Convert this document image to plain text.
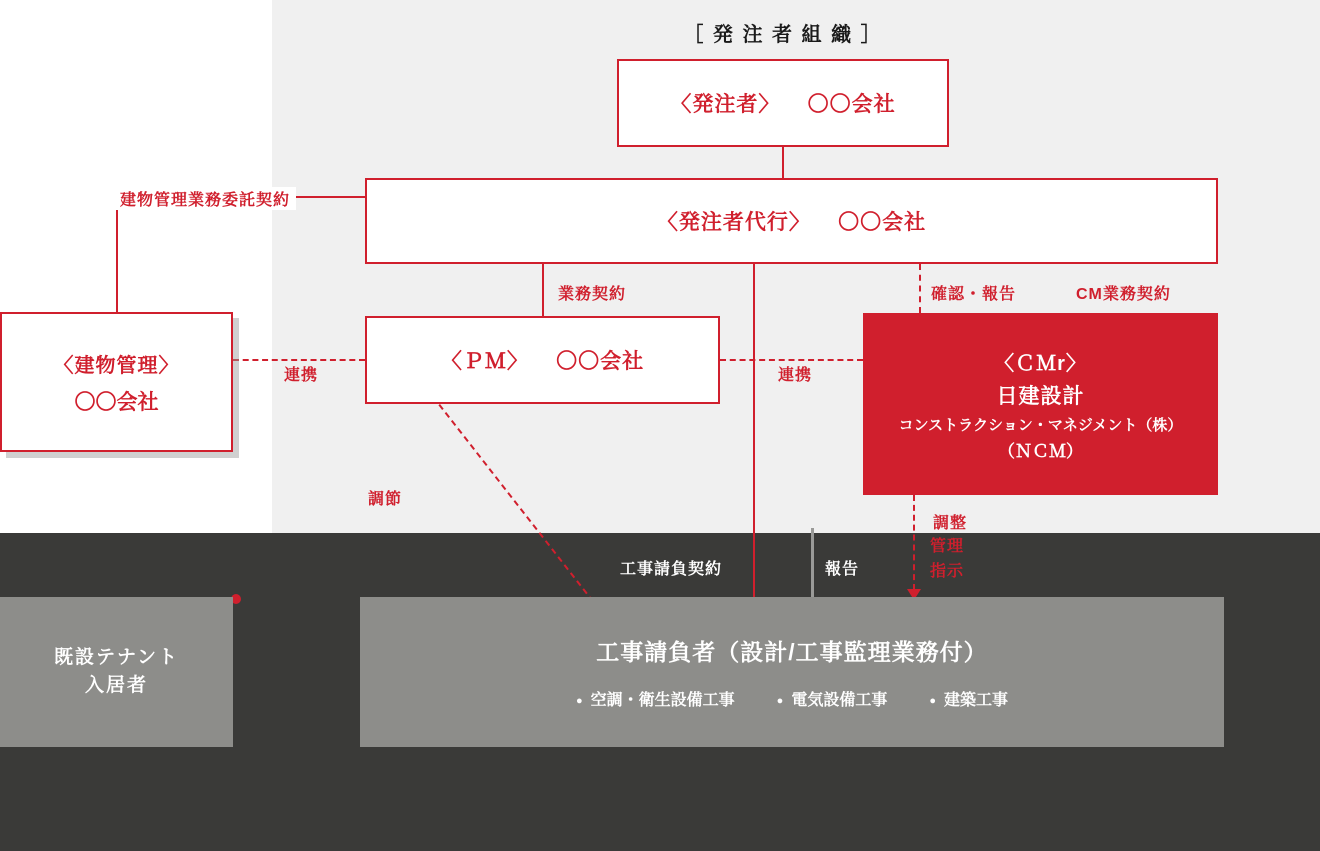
［ 発 注 者 組 織 ］
〈発注者〉 〇〇会社
〈発注者代行〉 〇〇会社
〈ＰＭ〉 〇〇会社
〈建物管理〉
〇〇会社
〈ＣＭr〉
日建設計
コンストラクション・マネジメント（株）
（ＮＣＭ）
既設テナント
入居者
工事請負者（設計/工事監理業務付）
● 空調・衛生設備工事	● 電気設備工事	● 建築工事
建物管理業務委託契約
業務契約	確認・報告	CM業務契約
連携	連携
調節
調整
管理
指示
工事請負契約	報告
